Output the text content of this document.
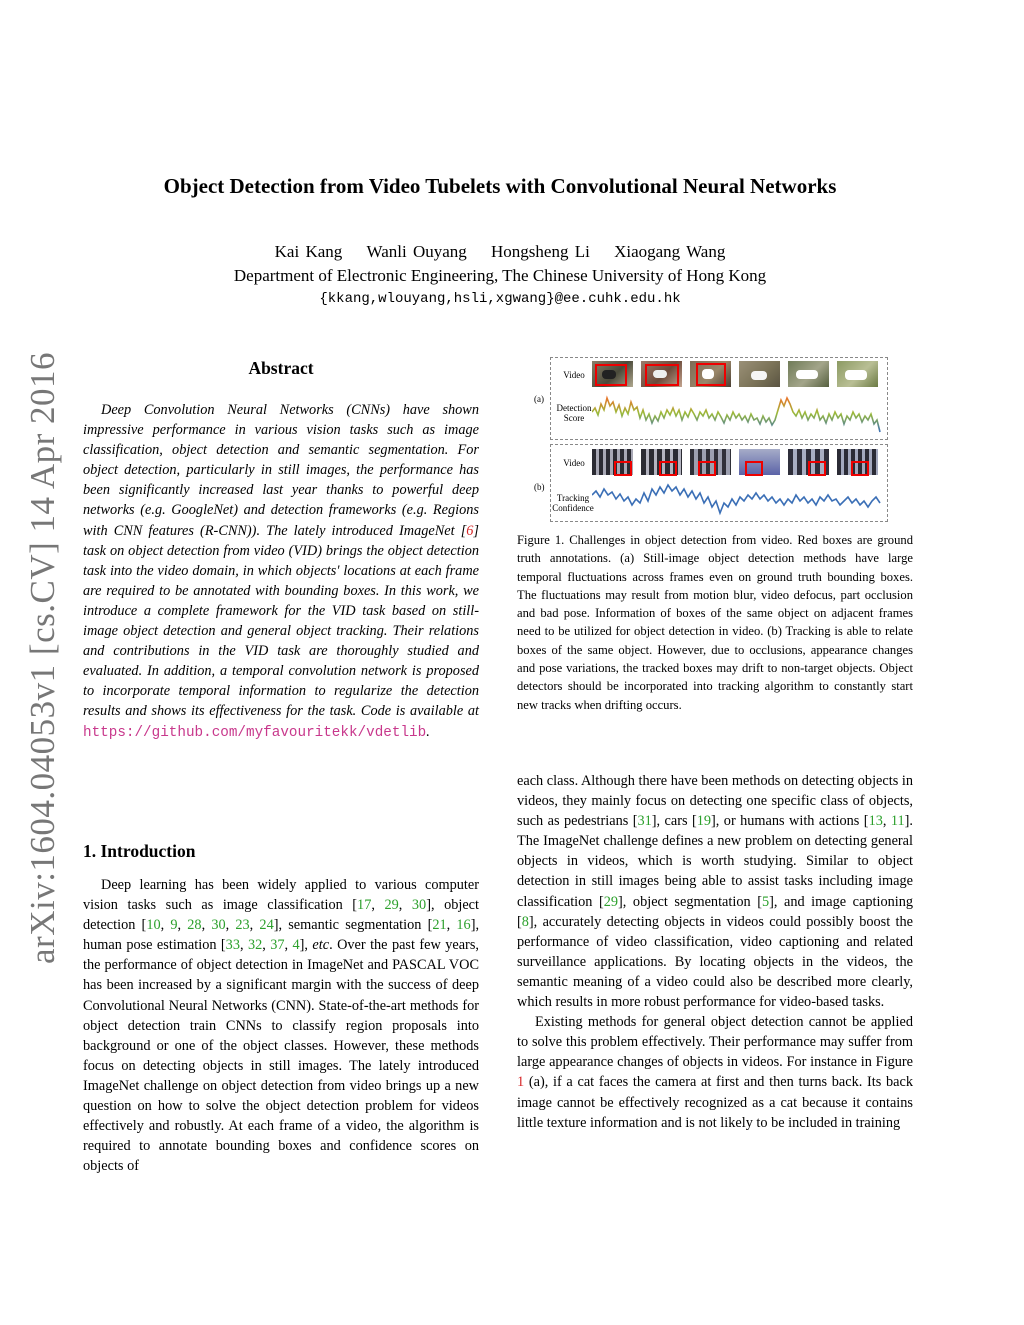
arXiv:1604.04053v1 [cs.CV] 14 Apr 2016
Object Detection from Video Tubelets with Convolutional Neural Networks
Kai Kang Wanli Ouyang Hongsheng Li Xiaogang Wang
Department of Electronic Engineering, The Chinese University of Hong Kong
{kkang,wlouyang,hsli,xgwang}@ee.cuhk.edu.hk
Abstract

Deep Convolution Neural Networks (CNNs) have shown impressive performance in various vision tasks such as image classification, object detection and semantic segmentation. For object detection, particularly in still images, the performance has been significantly increased last year thanks to powerful deep networks (e.g. GoogleNet) and detection frameworks (e.g. Regions with CNN features (R-CNN)). The lately introduced ImageNet [6] task on object detection from video (VID) brings the object detection task into the video domain, in which objects' locations at each frame are required to be annotated with bounding boxes. In this work, we introduce a complete framework for the VID task based on still-image object detection and general object tracking. Their relations and contributions in the VID task are thoroughly studied and evaluated. In addition, a temporal convolution network is proposed to incorporate temporal information to regularize the detection results and shows its effectiveness for the task. Code is available at https://github.com/myfavouritekk/vdetlib.

1. Introduction

Deep learning has been widely applied to various computer vision tasks such as image classification [17, 29, 30], object detection [10, 9, 28, 30, 23, 24], semantic segmentation [21, 16], human pose estimation [33, 32, 37, 4], etc. Over the past few years, the performance of object detection in ImageNet and PASCAL VOC has been increased by a significant margin with the success of deep Convolutional Neural Networks (CNN). State-of-the-art methods for object detection train CNNs to classify region proposals into background or one of the object classes. However, these methods focus on detecting objects in still images. The lately introduced ImageNet challenge on object detection from video brings up a new question on how to solve the object detection problem for videos effectively and robustly. At each frame of a video, the algorithm is required to annotate bounding boxes and confidence scores on objects of

(a)
(b)
Video
Detection
Score
Video
Tracking
Confidence
Figure 1. Challenges in object detection from video. Red boxes are ground truth annotations. (a) Still-image object detection methods have large temporal fluctuations across frames even on ground truth bounding boxes. The fluctuations may result from motion blur, video defocus, part occlusion and bad pose. Information of boxes of the same object on adjacent frames need to be utilized for object detection in video. (b) Tracking is able to relate boxes of the same object. However, due to occlusions, appearance changes and pose variations, the tracked boxes may drift to non-target objects. Object detectors should be incorporated into tracking algorithm to constantly start new tracks when drifting occurs.

each class. Although there have been methods on detecting objects in videos, they mainly focus on detecting one specific class of objects, such as pedestrians [31], cars [19], or humans with actions [13, 11]. The ImageNet challenge defines a new problem on detecting general objects in videos, which is worth studying. Similar to object detection in still images being able to assist tasks including image classification [29], object segmentation [5], and image captioning [8], accurately detecting objects in videos could possibly boost the performance of video classification, video captioning and related surveillance applications. By locating objects in the videos, the semantic meaning of a video could also be described more clearly, which results in more robust performance for video-based tasks.

Existing methods for general object detection cannot be applied to solve this problem effectively. Their performance may suffer from large appearance changes of objects in videos. For instance in Figure 1 (a), if a cat faces the camera at first and then turns back. Its back image cannot be effectively recognized as a cat because it contains little texture information and is not likely to be included in training
